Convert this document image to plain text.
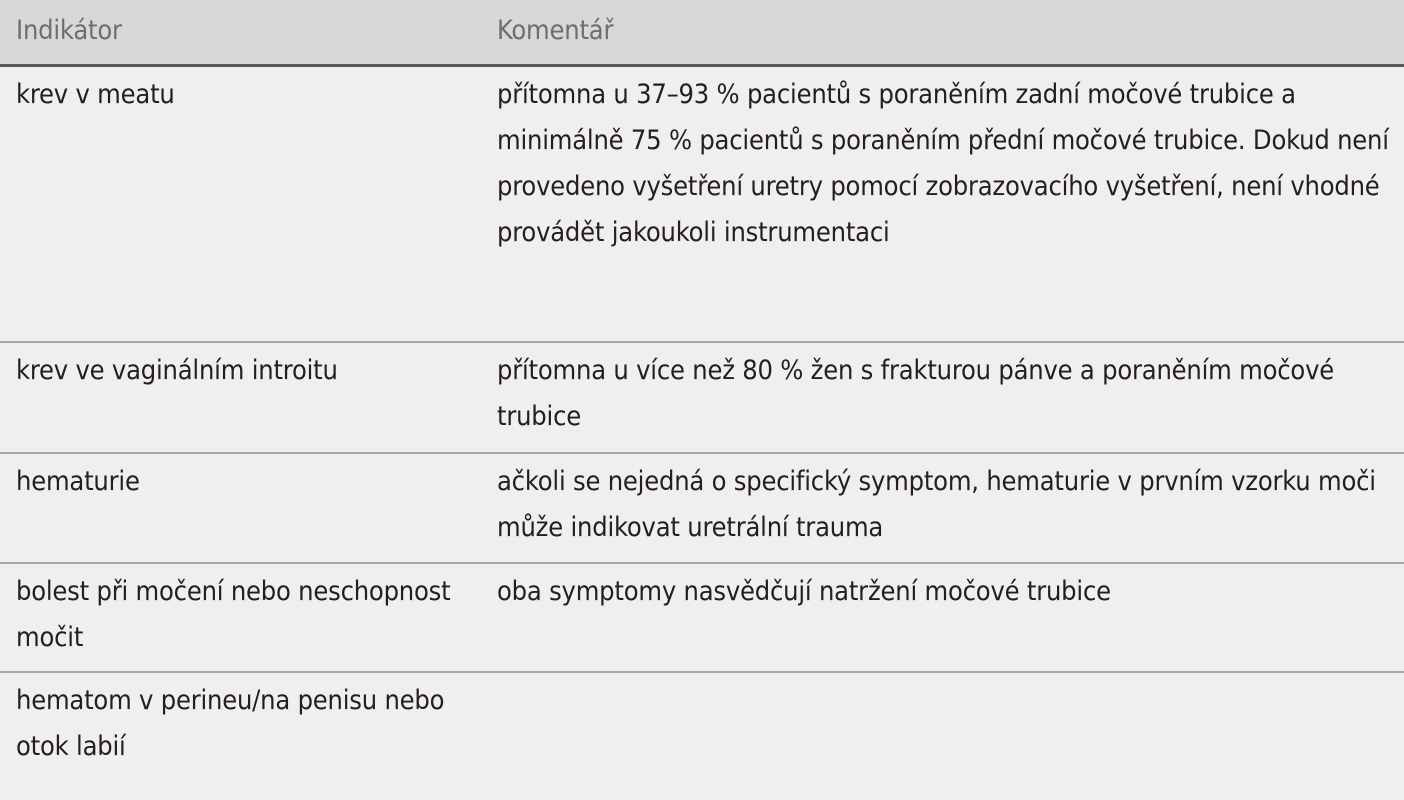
Indikátor	Komentář
krev v meatu	přítomna u 37–93 % pacientů s poraněním zadní močové trubice a minimálně 75 % pacientů s poraněním přední močové trubice. Dokud není provedeno vyšetření uretry pomocí zobrazovacího vyšetření, není vhodné provádět jakoukoli instrumentaci
krev ve vaginálním introitu	přítomna u více než 80 % žen s frakturou pánve a poraněním močové trubice
hematurie	ačkoli se nejedná o specifický symptom, hematurie v prvním vzorku moči může indikovat uretrální trauma
bolest při močení nebo neschopnost močit	oba symptomy nasvědčují natržení močové trubice
hematom v perineu/na penisu nebo otok labií	
